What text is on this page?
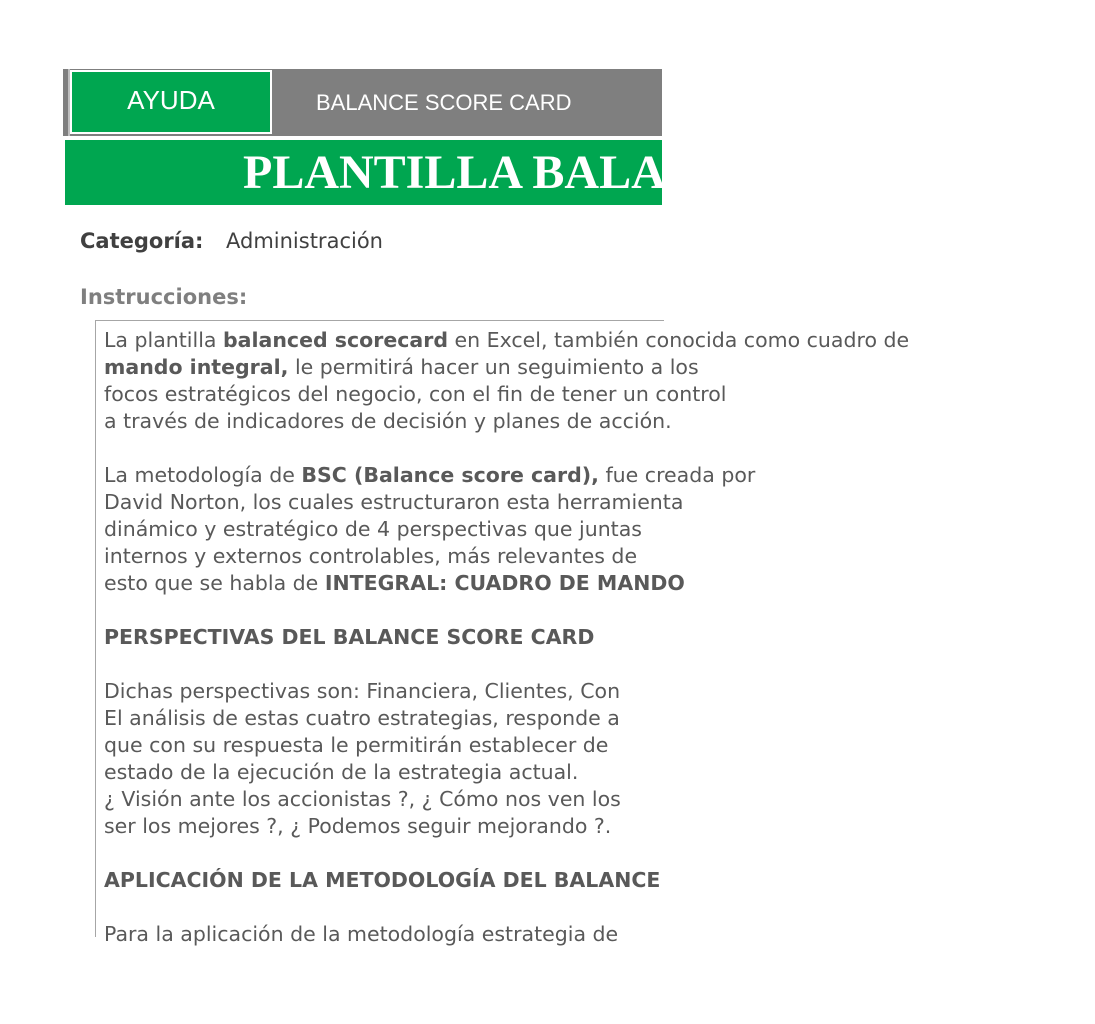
AYUDA	BALANCE SCORE CARD
PLANTILLA BALANCE SCORE CARD
Categoría: Administración
Instrucciones:

La plantilla balanced scorecard en Excel, también conocida como cuadro de

mando integral, le permitirá hacer un seguimiento a los

focos estratégicos del negocio, con el fin de tener un control

a través de indicadores de decisión y planes de acción.

La metodología de BSC (Balance score card), fue creada por

David Norton, los cuales estructuraron esta herramienta

dinámico y estratégico de 4 perspectivas que juntas

internos y externos controlables, más relevantes de

esto que se habla de INTEGRAL: CUADRO DE MANDO

PERSPECTIVAS DEL BALANCE SCORE CARD

Dichas perspectivas son: Financiera, Clientes, Con

El análisis de estas cuatro estrategias, responde a

que con su respuesta le permitirán establecer de

estado de la ejecución de la estrategia actual.

¿ Visión ante los accionistas ?, ¿ Cómo nos ven los

ser los mejores ?, ¿ Podemos seguir mejorando ?.

APLICACIÓN DE LA METODOLOGÍA DEL BALANCE

Para la aplicación de la metodología estrategia de
